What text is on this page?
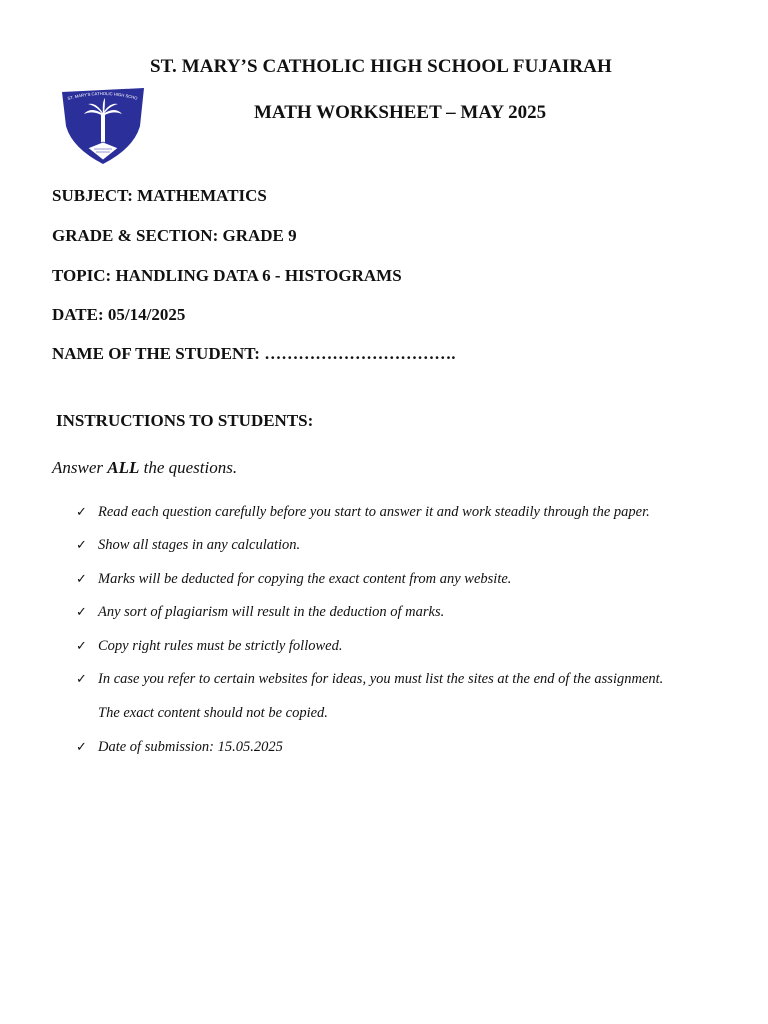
ST. MARY’S CATHOLIC HIGH SCHOOL FUJAIRAH
ST. MARY'S CATHOLIC HIGH SCHO
MATH WORKSHEET – MAY 2025
SUBJECT: MATHEMATICS
GRADE & SECTION: GRADE 9
TOPIC: HANDLING DATA 6 - HISTOGRAMS
DATE: 05/14/2025
NAME OF THE STUDENT: …………………………….
INSTRUCTIONS TO STUDENTS:
Answer ALL the questions.
✓ Read each question carefully before you start to answer it and work steadily through the paper.
✓ Show all stages in any calculation.
✓ Marks will be deducted for copying the exact content from any website.
✓ Any sort of plagiarism will result in the deduction of marks.
✓ Copy right rules must be strictly followed.
✓ In case you refer to certain websites for ideas, you must list the sites at the end of the assignment.
The exact content should not be copied.
✓ Date of submission: 15.05.2025
